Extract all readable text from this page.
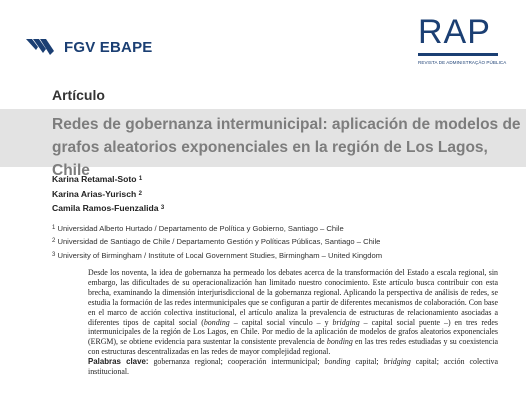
FGV EBAPE	RAP
REVISTA DE ADMINISTRAÇÃO PÚBLICA
Artículo
Redes de gobernanza intermunicipal: aplicación de modelos de
grafos aleatorios exponenciales en la región de Los Lagos, Chile
Karina Retamal-Soto $^1$
Karina Arias-Yurisch $^2$
Camila Ramos-Fuenzalida $^3$
$^1$ Universidad Alberto Hurtado / Departamento de Política y Gobierno, Santiago – Chile
$^2$ Universidad de Santiago de Chile / Departamento Gestión y Políticas Públicas, Santiago – Chile
$^3$ University of Birmingham / Institute of Local Government Studies, Birmingham – United Kingdom

Desde los noventa, la idea de gobernanza ha permeado los debates acerca de la transformación del Estado a escala regional, sin embargo, las dificultades de su operacionalización han limitado nuestro conocimiento. Este artículo busca contribuir con esta brecha, examinando la dimensión interjurisdiccional de la gobernanza regional. Aplicando la perspectiva de análisis de redes, se estudia la formación de las redes intermunicipales que se configuran a partir de diferentes mecanismos de colaboración. Con base en el marco de acción colectiva institucional, el artículo analiza la prevalencia de estructuras de relacionamiento asociadas a diferentes tipos de capital social (bonding – capital social vínculo – y bridging – capital social puente –) en tres redes intermunicipales de la región de Los Lagos, en Chile. Por medio de la aplicación de modelos de grafos aleatorios exponenciales (ERGM), se obtiene evidencia para sustentar la consistente prevalencia de bonding en las tres redes estudiadas y su coexistencia con estructuras descentralizadas en las redes de mayor complejidad regional.

Palabras clave: gobernanza regional; cooperación intermunicipal; bonding capital; bridging capital; acción colectiva institucional.
